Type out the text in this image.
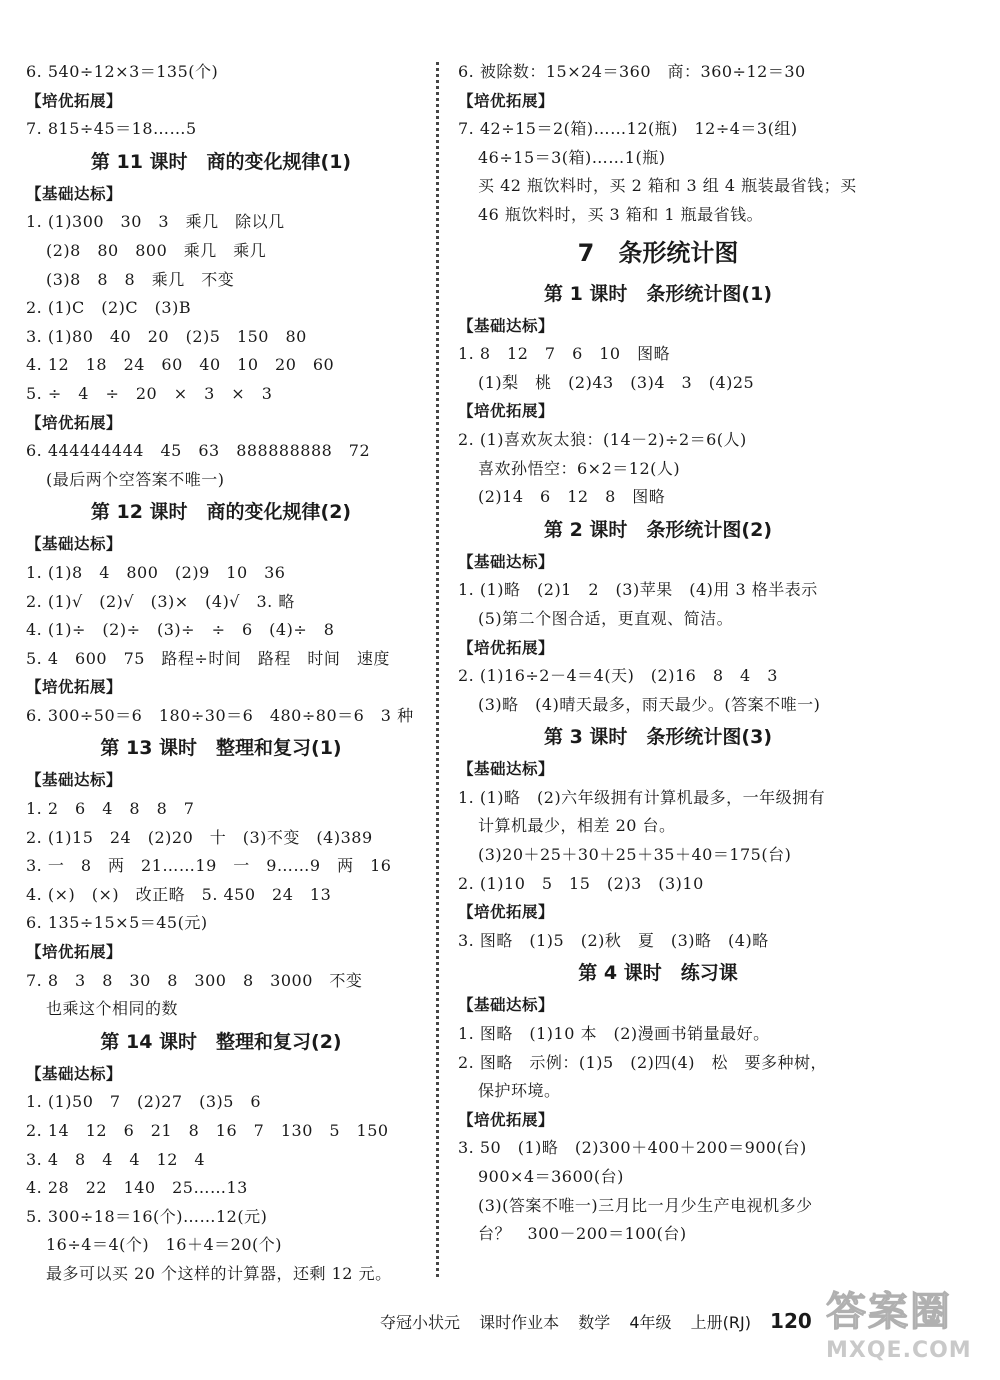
6. 540÷12×3＝135(个)
【培优拓展】
7. 815÷45＝18……5
第 11 课时　商的变化规律(1)
【基础达标】
1. (1)300　30　3　乘几　除以几
(2)8　80　800　乘几　乘几
(3)8　8　8　乘几　不变
2. (1)C　(2)C　(3)B
3. (1)80　40　20　(2)5　150　80
4. 12　18　24　60　40　10　20　60
5. ÷　4　÷　20　×　3　×　3
【培优拓展】
6. 444444444　45　63　888888888　72
(最后两个空答案不唯一)
第 12 课时　商的变化规律(2)
【基础达标】
1. (1)8　4　800　(2)9　10　36
2. (1)√　(2)√　(3)×　(4)√　3. 略
4. (1)÷　(2)÷　(3)÷　÷　6　(4)÷　8
5. 4　600　75　路程÷时间　路程　时间　速度
【培优拓展】
6. 300÷50＝6　180÷30＝6　480÷80＝6　3 种
第 13 课时　整理和复习(1)
【基础达标】
1. 2　6　4　8　8　7
2. (1)15　24　(2)20　十　(3)不变　(4)389
3. 一　8　两　21……19　一　9……9　两　16
4. (×)　(×)　改正略　5. 450　24　13
6. 135÷15×5＝45(元)
【培优拓展】
7. 8　3　8　30　8　300　8　3000　不变
也乘这个相同的数
第 14 课时　整理和复习(2)
【基础达标】
1. (1)50　7　(2)27　(3)5　6
2. 14　12　6　21　8　16　7　130　5　150
3. 4　8　4　4　12　4
4. 28　22　140　25……13
5. 300÷18＝16(个)……12(元)
16÷4＝4(个)　16＋4＝20(个)
最多可以买 20 个这样的计算器，还剩 12 元。
6. 被除数：15×24＝360　商：360÷12＝30
【培优拓展】
7. 42÷15＝2(箱)……12(瓶)　12÷4＝3(组)
46÷15＝3(箱)……1(瓶)
买 42 瓶饮料时，买 2 箱和 3 组 4 瓶装最省钱；买
46 瓶饮料时，买 3 箱和 1 瓶最省钱。
7　条形统计图
第 1 课时　条形统计图(1)
【基础达标】
1. 8　12　7　6　10　图略
(1)梨　桃　(2)43　(3)4　3　(4)25
【培优拓展】
2. (1)喜欢灰太狼：(14－2)÷2＝6(人)
喜欢孙悟空：6×2＝12(人)
(2)14　6　12　8　图略
第 2 课时　条形统计图(2)
【基础达标】
1. (1)略　(2)1　2　(3)苹果　(4)用 3 格半表示
(5)第二个图合适，更直观、简洁。
【培优拓展】
2. (1)16÷2－4＝4(天)　(2)16　8　4　3
(3)略　(4)晴天最多，雨天最少。(答案不唯一)
第 3 课时　条形统计图(3)
【基础达标】
1. (1)略　(2)六年级拥有计算机最多，一年级拥有
计算机最少，相差 20 台。
(3)20＋25＋30＋25＋35＋40＝175(台)
2. (1)10　5　15　(2)3　(3)10
【培优拓展】
3. 图略　(1)5　(2)秋　夏　(3)略　(4)略
第 4 课时　练习课
【基础达标】
1. 图略　(1)10 本　(2)漫画书销量最好。
2. 图略　示例：(1)5　(2)四(4)　松　要多种树，
保护环境。
【培优拓展】
3. 50　(1)略　(2)300＋400＋200＝900(台)
900×4＝3600(台)
(3)(答案不唯一)三月比一月少生产电视机多少
台？　300－200＝100(台)
夺冠小状元 课时作业本 数学 4年级 上册(RJ) 120 答案圈
MXQE.COM
